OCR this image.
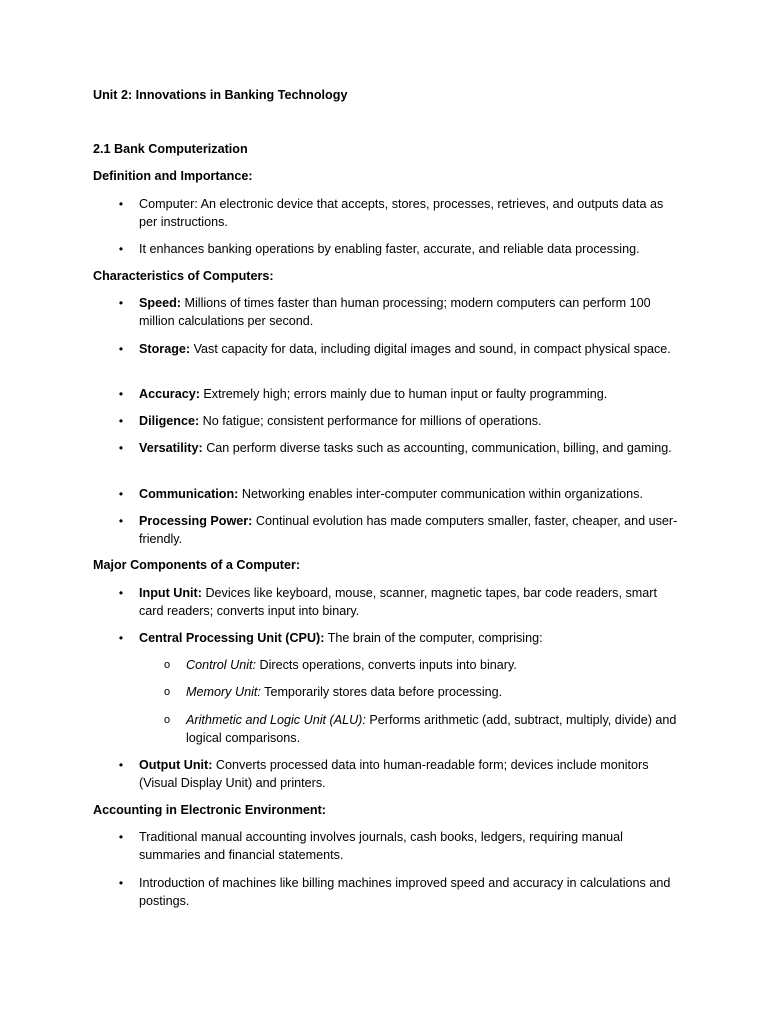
Unit 2: Innovations in Banking Technology
2.1 Bank Computerization
Definition and Importance:
• Computer: An electronic device that accepts, stores, processes, retrieves, and outputs data as per instructions.
• It enhances banking operations by enabling faster, accurate, and reliable data processing.
Characteristics of Computers:
• Speed: Millions of times faster than human processing; modern computers can perform 100 million calculations per second.
• Storage: Vast capacity for data, including digital images and sound, in compact physical space.
• Accuracy: Extremely high; errors mainly due to human input or faulty programming.
• Diligence: No fatigue; consistent performance for millions of operations.
• Versatility: Can perform diverse tasks such as accounting, communication, billing, and gaming.
• Communication: Networking enables inter-computer communication within organizations.
• Processing Power: Continual evolution has made computers smaller, faster, cheaper, and user-friendly.
Major Components of a Computer:
• Input Unit: Devices like keyboard, mouse, scanner, magnetic tapes, bar code readers, smart card readers; converts input into binary.
• Central Processing Unit (CPU): The brain of the computer, comprising:
o Control Unit: Directs operations, converts inputs into binary.
o Memory Unit: Temporarily stores data before processing.
o Arithmetic and Logic Unit (ALU): Performs arithmetic (add, subtract, multiply, divide) and logical comparisons.
• Output Unit: Converts processed data into human-readable form; devices include monitors (Visual Display Unit) and printers.
Accounting in Electronic Environment:
• Traditional manual accounting involves journals, cash books, ledgers, requiring manual summaries and financial statements.
• Introduction of machines like billing machines improved speed and accuracy in calculations and postings.
